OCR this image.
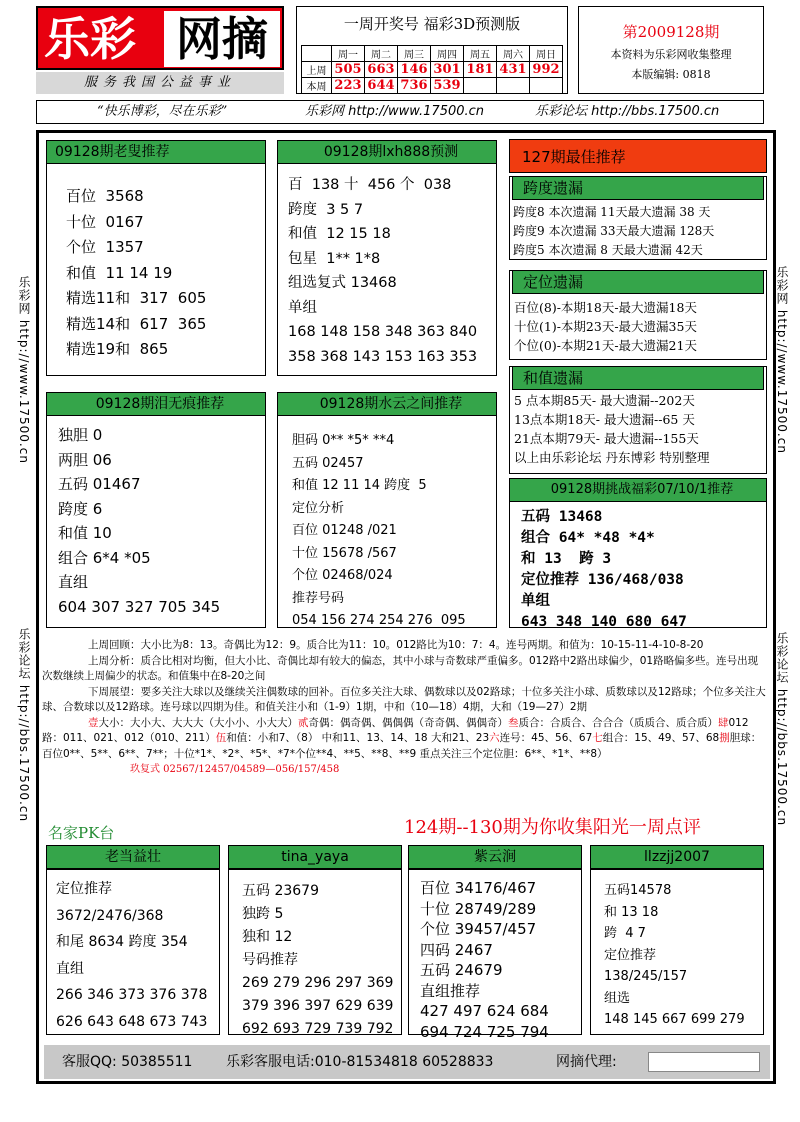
乐彩 网摘
服务我国公益事业
一周开奖号 福彩3D预测版
	周一	周二	周三	周四	周五	周六	周日
上周	505	663	146	301	181	431	992
本周	223	644	736	539			
第2009128期
本资料为乐彩网收集整理
本版编辑: 0818
“快乐博彩，尽在乐彩”	乐彩网 http://www.17500.cn	乐彩论坛 http://bbs.17500.cn
乐彩网 http://www.17500.cn
乐彩论坛 http://bbs.17500.cn
乐彩网 http://www.17500.cn
乐彩论坛 http://bbs.17500.cn
09128期老叟推荐
百位  3568
十位  0167
个位  1357
和值  11 14 19
精选11和  317  605
精选14和  617  365
精选19和  865
09128期lxh888预测
百  138 十  456 个  038
跨度  3 5 7
和值  12 15 18
包星  1** 1*8
组选复式 13468
单组
168 148 158 348 363 840
358 368 143 153 163 353
127期最佳推荐
跨度遗漏
跨度8 本次遗漏 11天最大遗漏 38 天
跨度9 本次遗漏 33天最大遗漏 128天
跨度5 本次遗漏 8 天最大遗漏 42天
定位遗漏
百位(8)-本期18天-最大遗漏18天
十位(1)-本期23天-最大遗漏35天
个位(0)-本期21天-最大遗漏21天
和值遗漏
5 点本期85天- 最大遗漏--202天
13点本期18天- 最大遗漏--65 天
21点本期79天- 最大遗漏--155天
以上由乐彩论坛 丹东博彩 特别整理
09128期泪无痕推荐
独胆 0
两胆 06
五码 01467
跨度 6
和值 10
组合 6*4 *05
直组
604 307 327 705 345
09128期水云之间推荐
胆码 0** *5* **4
五码 02457
和值 12 11 14 跨度  5
定位分析
百位 01248 /021
十位 15678 /567
个位 02468/024
推荐号码
054 156 274 254 276  095
09128期挑战福彩07/10/1推荐
五码 13468
组合 64* *48 *4*
和 13  跨 3
定位推荐 136/468/038
单组
643 348 140 680 647

上周回顾：大小比为8：13。奇偶比为12：9。质合比为11：10。012路比为10：7：4。连号两期。和值为：10-15-11-4-10-8-20

上周分析：质合比相对均衡，但大小比、奇偶比却有较大的偏态，其中小球与奇数球严重偏多。012路中2路出球偏少，01路略偏多些。连号出现次数继续上周偏少的状态。和值集中在8-20之间

下周展望：要多关注大球以及继续关注偶数球的回补。百位多关注大球、偶数球以及02路球；十位多关注小球、质数球以及12路球；个位多关注大球、合数球以及12路球。连号球以四期为佳。和值关注小和（1-9）1期，中和（10—18）4期，大和（19—27）2期

壹大小：大小大、大大大（大小小、小大大）贰奇偶：偶奇偶、偶偶偶（奇奇偶、偶偶奇）叁质合：合质合、合合合（质质合、质合质）肆012路：011、021、012（010、211）伍和值：小和7、（8） 中和11、13、14、18 大和21、23六连号：45、56、67七组合：15、49、57、68捌胆球：百位0**、5**、6**、7**；十位*1*、*2*、*5*、*7*个位**4、**5、**8、**9 重点关注三个定位胆：6**、*1*、**8）

玖复式 02567/12457/04589—056/157/458

名家PK台	124期--130期为你收集阳光一周点评
老当益壮
定位推荐
3672/2476/368
和尾 8634 跨度 354
直组
266 346 373 376 378
626 643 648 673 743
tina_yaya
五码 23679
独跨 5
独和 12
号码推荐
269 279 296 297 369
379 396 397 629 639
692 693 729 739 792
紫云涧
百位 34176/467
十位 28749/289
个位 39457/457
四码 2467
五码 24679
直组推荐
427 497 624 684
694 724 725 794
llzzjj2007
五码14578
和 13 18
跨  4 7
定位推荐
138/245/157
组选
148 145 667 699 279
客服QQ: 50385511 乐彩客服电话:010-81534818 60528833	网摘代理:
